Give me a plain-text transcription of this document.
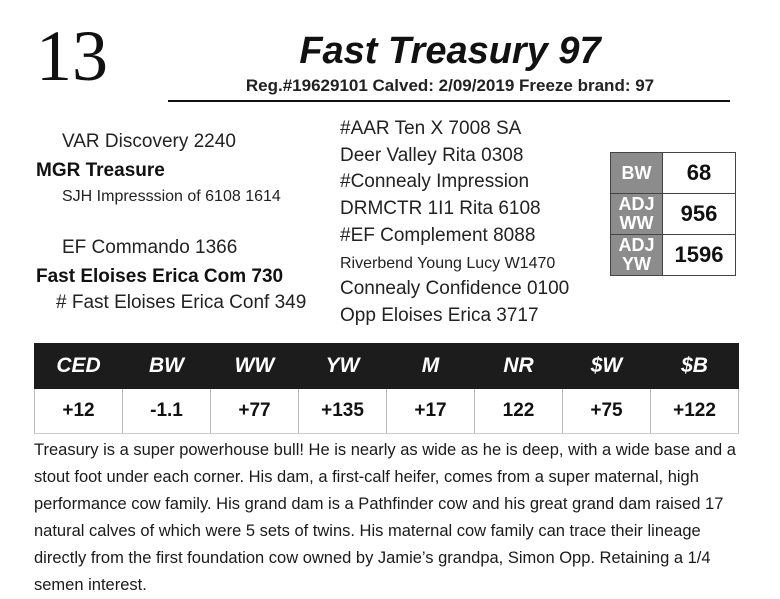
13	Fast Treasury 97
Reg.#19629101 Calved: 2/09/2019 Freeze brand: 97
VAR Discovery 2240
MGR Treasure
SJH Impresssion of 6108 1614
EF Commando 1366
Fast Eloises Erica Com 730
# Fast Eloises Erica Conf 349
#AAR Ten X 7008 SA
Deer Valley Rita 0308
#Connealy Impression
DRMCTR 1I1 Rita 6108
#EF Complement 8088
Riverbend Young Lucy W1470
Connealy Confidence 0100
Opp Eloises Erica 3717
BW	68
ADJ WW	956
ADJ YW	1596
CED	BW	WW	YW	M	NR	$W	$B
+12	-1.1	+77	+135	+17	122	+75	+122
Treasury is a super powerhouse bull! He is nearly as wide as he is deep, with a wide base and a stout foot under each corner. His dam, a first-calf heifer, comes from a super maternal, high performance cow family. His grand dam is a Pathfinder cow and his great grand dam raised 17 natural calves of which were 5 sets of twins. His maternal cow family can trace their lineage directly from the first foundation cow owned by Jamie’s grandpa, Simon Opp. Retaining a 1/4 semen interest.
